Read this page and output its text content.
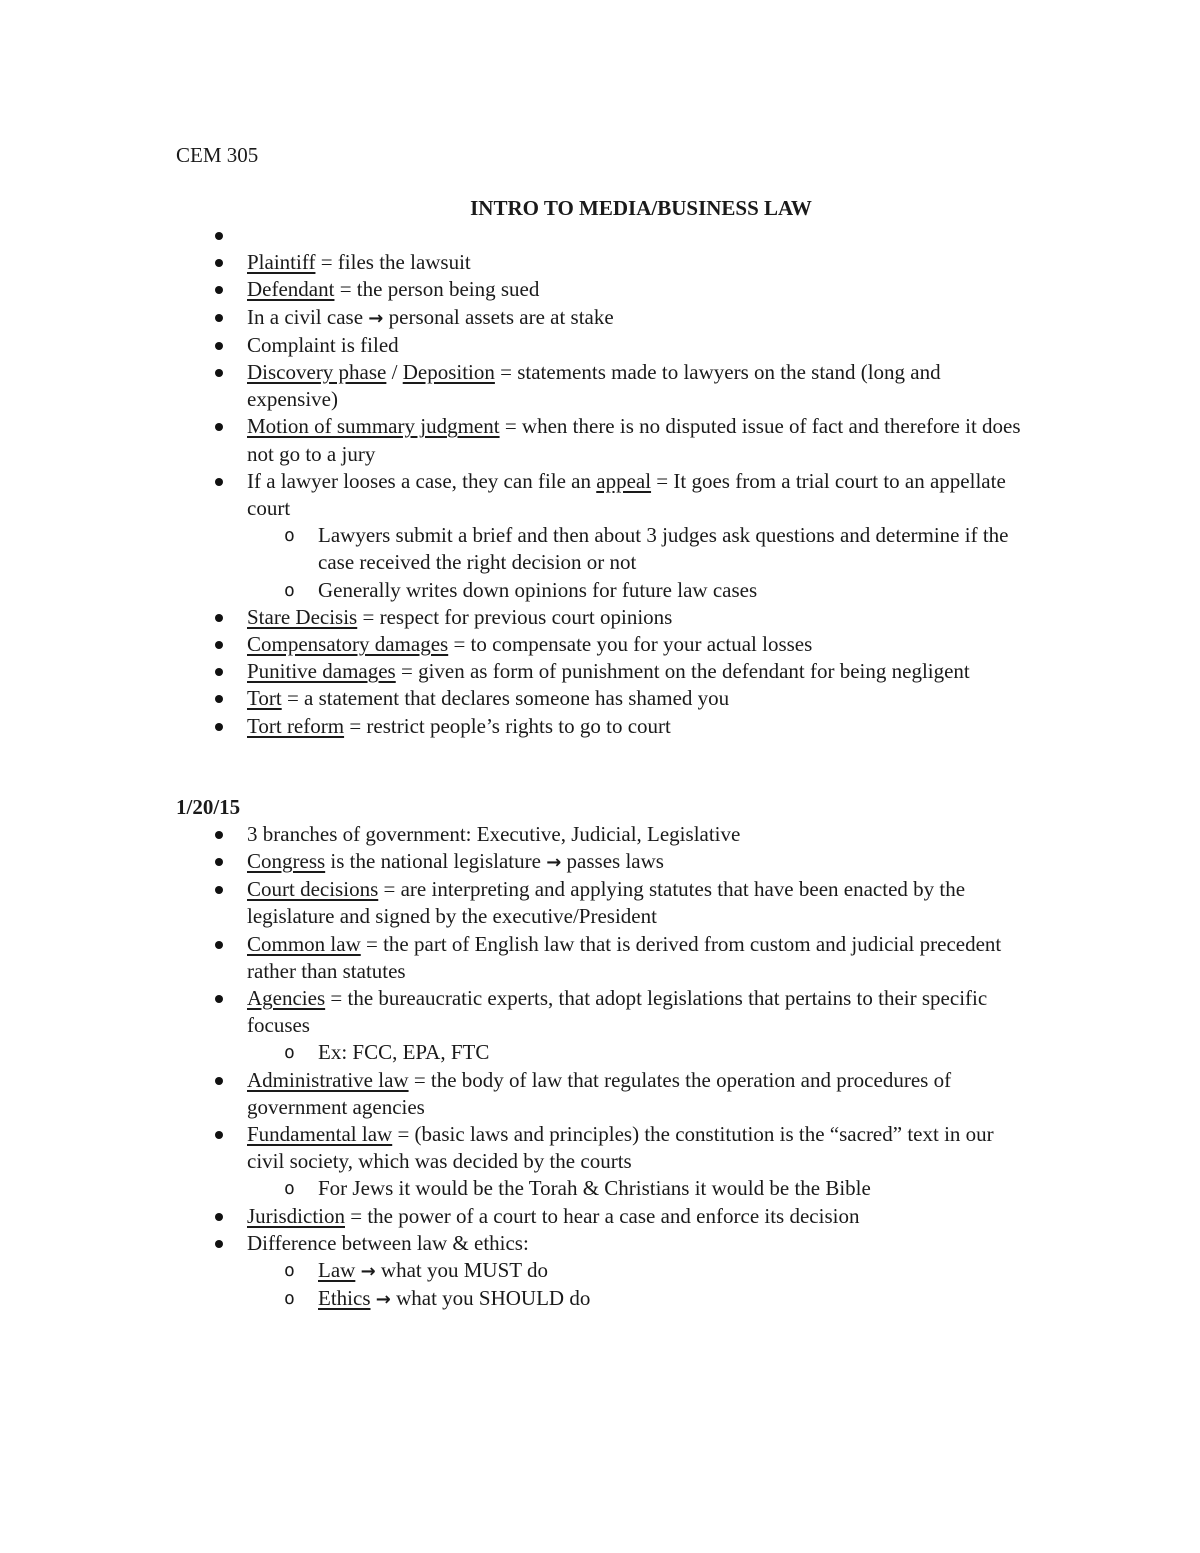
CEM 305
INTRO TO MEDIA/BUSINESS LAW
Plaintiff = files the lawsuit
Defendant = the person being sued
In a civil case → personal assets are at stake
Complaint is filed
Discovery phase / Deposition = statements made to lawyers on the stand (long and expensive)
Motion of summary judgment = when there is no disputed issue of fact and therefore it does not go to a jury
If a lawyer looses a case, they can file an appeal = It goes from a trial court to an appellate court
o Lawyers submit a brief and then about 3 judges ask questions and determine if the case received the right decision or not
o Generally writes down opinions for future law cases
Stare Decisis = respect for previous court opinions
Compensatory damages = to compensate you for your actual losses
Punitive damages = given as form of punishment on the defendant for being negligent
Tort = a statement that declares someone has shamed you
Tort reform = restrict people’s rights to go to court
1/20/15
3 branches of government: Executive, Judicial, Legislative
Congress is the national legislature → passes laws
Court decisions = are interpreting and applying statutes that have been enacted by the legislature and signed by the executive/President
Common law = the part of English law that is derived from custom and judicial precedent rather than statutes
Agencies = the bureaucratic experts, that adopt legislations that pertains to their specific focuses
o Ex: FCC, EPA, FTC
Administrative law = the body of law that regulates the operation and procedures of government agencies
Fundamental law = (basic laws and principles) the constitution is the “sacred” text in our civil society, which was decided by the courts
o For Jews it would be the Torah & Christians it would be the Bible
Jurisdiction = the power of a court to hear a case and enforce its decision
Difference between law & ethics:
o Law → what you MUST do
o Ethics → what you SHOULD do
